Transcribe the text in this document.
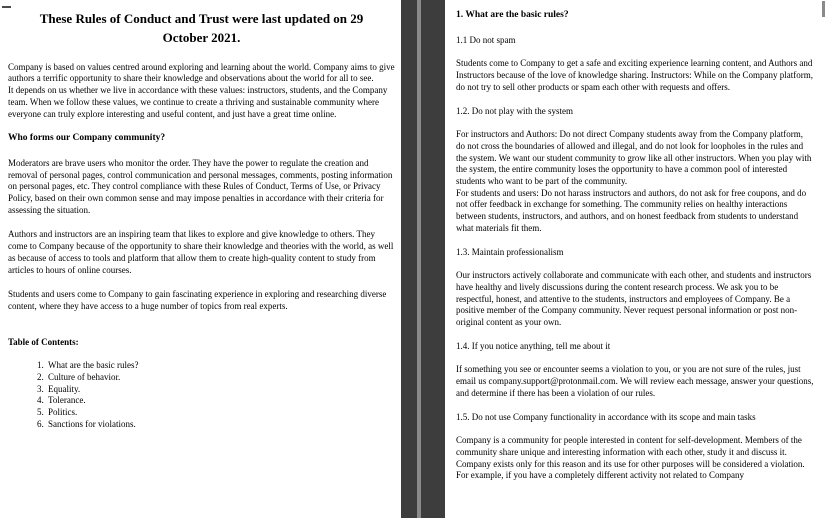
These Rules of Conduct and Trust were last updated on 29 October 2021.

Company is based on values centred around exploring and learning about the world. Company aims to give authors a terrific opportunity to share their knowledge and observations about the world for all to see.

It depends on us whether we live in accordance with these values: instructors, students, and the Company team. When we follow these values, we continue to create a thriving and sustainable community where everyone can truly explore interesting and useful content, and just have a great time online.

Who forms our Company community?

Moderators are brave users who monitor the order. They have the power to regulate the creation and removal of personal pages, control communication and personal messages, comments, posting information on personal pages, etc. They control compliance with these Rules of Conduct, Terms of Use, or Privacy Policy, based on their own common sense and may impose penalties in accordance with their criteria for assessing the situation.

Authors and instructors are an inspiring team that likes to explore and give knowledge to others. They come to Company because of the opportunity to share their knowledge and theories with the world, as well as because of access to tools and platform that allow them to create high-quality content to study from articles to hours of online courses.

Students and users come to Company to gain fascinating experience in exploring and researching diverse content, where they have access to a huge number of topics from real experts.

Table of Contents:
1. What are the basic rules?
2. Culture of behavior.
3. Equality.
4. Tolerance.
5. Politics.
6. Sanctions for violations.
1. What are the basic rules?
1.1 Do not spam

Students come to Company to get a safe and exciting experience learning content, and Authors and Instructors because of the love of knowledge sharing. Instructors: While on the Company platform, do not try to sell other products or spam each other with requests and offers.

1.2. Do not play with the system

For instructors and Authors: Do not direct Company students away from the Company platform, do not cross the boundaries of allowed and illegal, and do not look for loopholes in the rules and the system. We want our student community to grow like all other instructors. When you play with the system, the entire community loses the opportunity to have a common pool of interested students who want to be part of the community.

For students and users: Do not harass instructors and authors, do not ask for free coupons, and do not offer feedback in exchange for something. The community relies on healthy interactions between students, instructors, and authors, and on honest feedback from students to understand what materials fit them.

1.3. Maintain professionalism

Our instructors actively collaborate and communicate with each other, and students and instructors have healthy and lively discussions during the content research process. We ask you to be respectful, honest, and attentive to the students, instructors and employees of Company. Be a positive member of the Company community. Never request personal information or post non-original content as your own.

1.4. If you notice anything, tell me about it

If something you see or encounter seems a violation to you, or you are not sure of the rules, just email us company.support@protonmail.com. We will review each message, answer your questions, and determine if there has been a violation of our rules.

1.5. Do not use Company functionality in accordance with its scope and main tasks

Company is a community for people interested in content for self-development. Members of the community share unique and interesting information with each other, study it and discuss it. Company exists only for this reason and its use for other purposes will be considered a violation.

For example, if you have a completely different activity not related to Company
